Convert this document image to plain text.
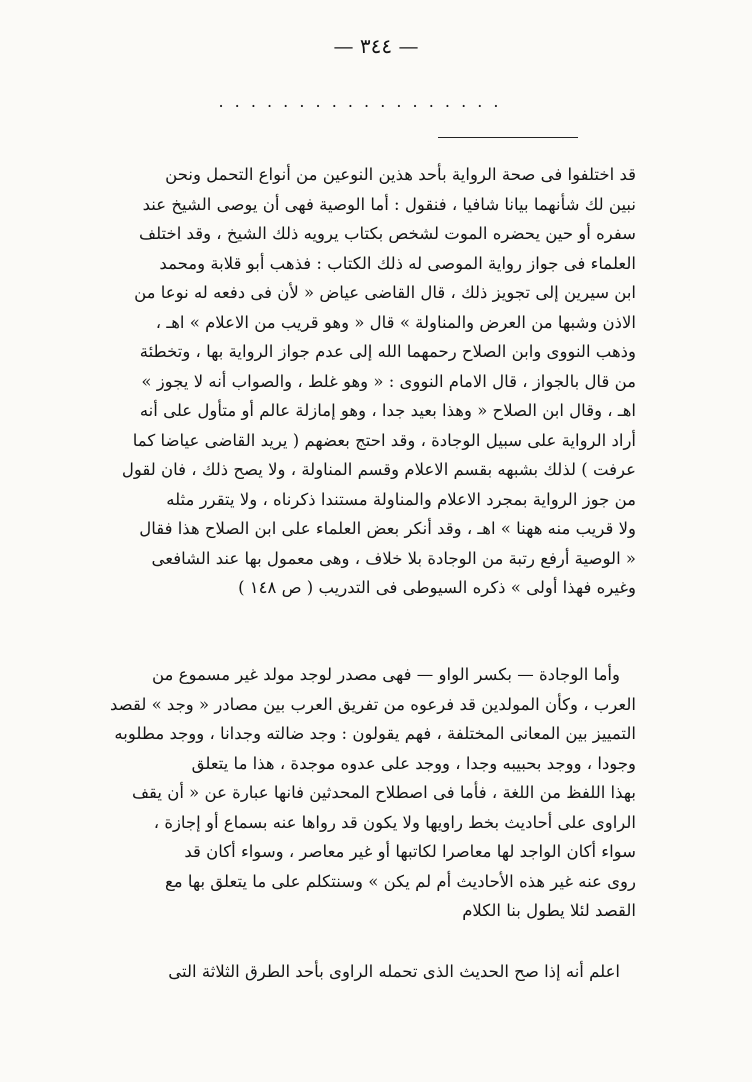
— ٣٤٤ —
. . . . . . . . . . . . . . . . . .
قد اختلفوا فى صحة الرواية بأحد هذين النوعين من أنواع التحمل ونحن
نبين لك شأنهما بيانا شافيا ، فنقول : أما الوصية فهى أن يوصى الشيخ عند
سفره أو حين يحضره الموت لشخص بكتاب يرويه ذلك الشيخ ، وقد اختلف
العلماء فى جواز رواية الموصى له ذلك الكتاب : فذهب أبو قلابة ومحمد
ابن سيرين إلى تجويز ذلك ، قال القاضى عياض « لأن فى دفعه له نوعا من
الاذن وشبها من العرض والمناولة » قال « وهو قريب من الاعلام » اهـ ،
وذهب النووى وابن الصلاح رحمهما الله إلى عدم جواز الرواية بها ، وتخطئة
من قال بالجواز ، قال الامام النووى : « وهو غلط ، والصواب أنه لا يجوز »
اهـ ، وقال ابن الصلاح « وهذا بعيد جدا ، وهو إمازلة عالم أو متأول على أنه
أراد الرواية على سبيل الوجادة ، وقد احتج بعضهم ( يريد القاضى عياضا كما
عرفت ) لذلك بشبهه بقسم الاعلام وقسم المناولة ، ولا يصح ذلك ، فان لقول
من جوز الرواية بمجرد الاعلام والمناولة مستندا ذكرناه ، ولا يتقرر مثله
ولا قريب منه ههنا » اهـ ، وقد أنكر بعض العلماء على ابن الصلاح هذا فقال
« الوصية أرفع رتبة من الوجادة بلا خلاف ، وهى معمول بها عند الشافعى
وغيره فهذا أولى » ذكره السيوطى فى التدريب ( ص ١٤٨ )
وأما الوجادة — بكسر الواو — فهى مصدر لوجد مولد غير مسموع من
العرب ، وكأن المولدين قد فرعوه من تفريق العرب بين مصادر « وجد » لقصد
التمييز بين المعانى المختلفة ، فهم يقولون : وجد ضالته وجدانا ، ووجد مطلوبه
وجودا ، ووجد بحبيبه وجدا ، ووجد على عدوه موجدة ، هذا ما يتعلق
بهذا اللفظ من اللغة ، فأما فى اصطلاح المحدثين فانها عبارة عن « أن يقف
الراوى على أحاديث بخط راويها ولا يكون قد رواها عنه بسماع أو إجازة ،
سواء أكان الواجد لها معاصرا لكاتبها أو غير معاصر ، وسواء أكان قد
روى عنه غير هذه الأحاديث أم لم يكن » وسنتكلم على ما يتعلق بها مع
القصد لئلا يطول بنا الكلام
اعلم أنه إذا صح الحديث الذى تحمله الراوى بأحد الطرق الثلاثة التى
